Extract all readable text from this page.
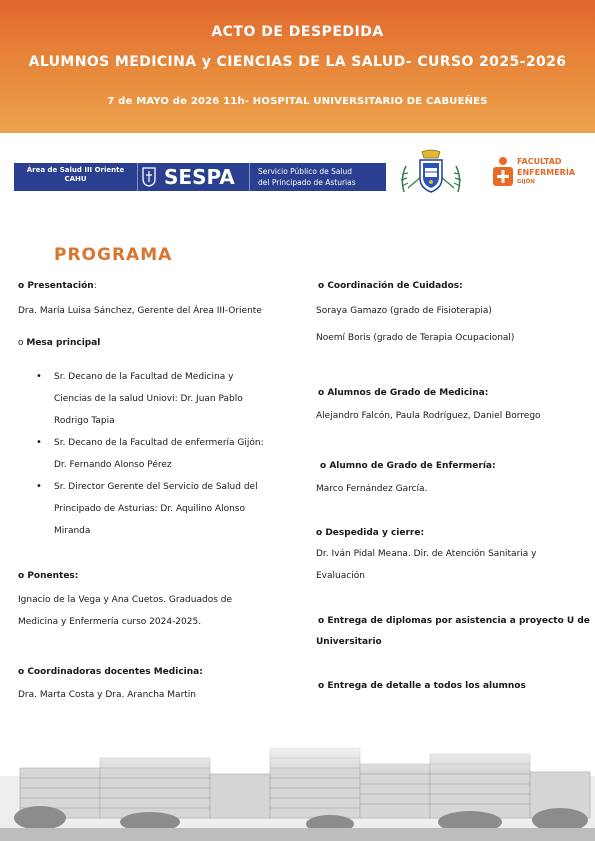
ACTO DE DESPEDIDA
ALUMNOS MEDICINA y CIENCIAS DE LA SALUD- CURSO 2025-2026
7 de MAYO de 2026 11h- HOSPITAL UNIVERSITARIO DE CABUEÑES
Área de Salud III Oriente
CAHU	SESPA	Servicio Público de Salud
del Principado de Asturias
FACULTAD
ENFERMERÍA
GIJÓN
PROGRAMA
o Presentación:
Dra. María Luisa Sánchez, Gerente del Área III-Oriente
o Mesa principal
• Sr. Decano de la Facultad de Medicina y
Ciencias de la salud Uniovi: Dr. Juan Pablo
Rodrigo Tapia
• Sr. Decano de la Facultad de enfermería Gijón:
Dr. Fernando Alonso Pérez
• Sr. Director Gerente del Servicio de Salud del
Principado de Asturias: Dr. Aquilino Alonso
Miranda
o Ponentes:
Ignacio de la Vega y Ana Cuetos. Graduados de
Medicina y Enfermería curso 2024-2025.
o Coordinadoras docentes Medicina:
Dra. Marta Costa y Dra. Arancha Martin
o Coordinación de Cuidados:
Soraya Gamazo (grado de Fisioterapia)
Noemí Boris (grado de Terapia Ocupacional)
o Alumnos de Grado de Medicina:
Alejandro Falcón, Paula Rodríguez, Daniel Borrego
o Alumno de Grado de Enfermería:
Marco Fernández García.
o Despedida y cierre:
Dr. Iván Pidal Meana. Dir. de Atención Sanitaria y
Evaluación
o Entrega de diplomas por asistencia a proyecto U de
Universitario
o Entrega de detalle a todos los alumnos
